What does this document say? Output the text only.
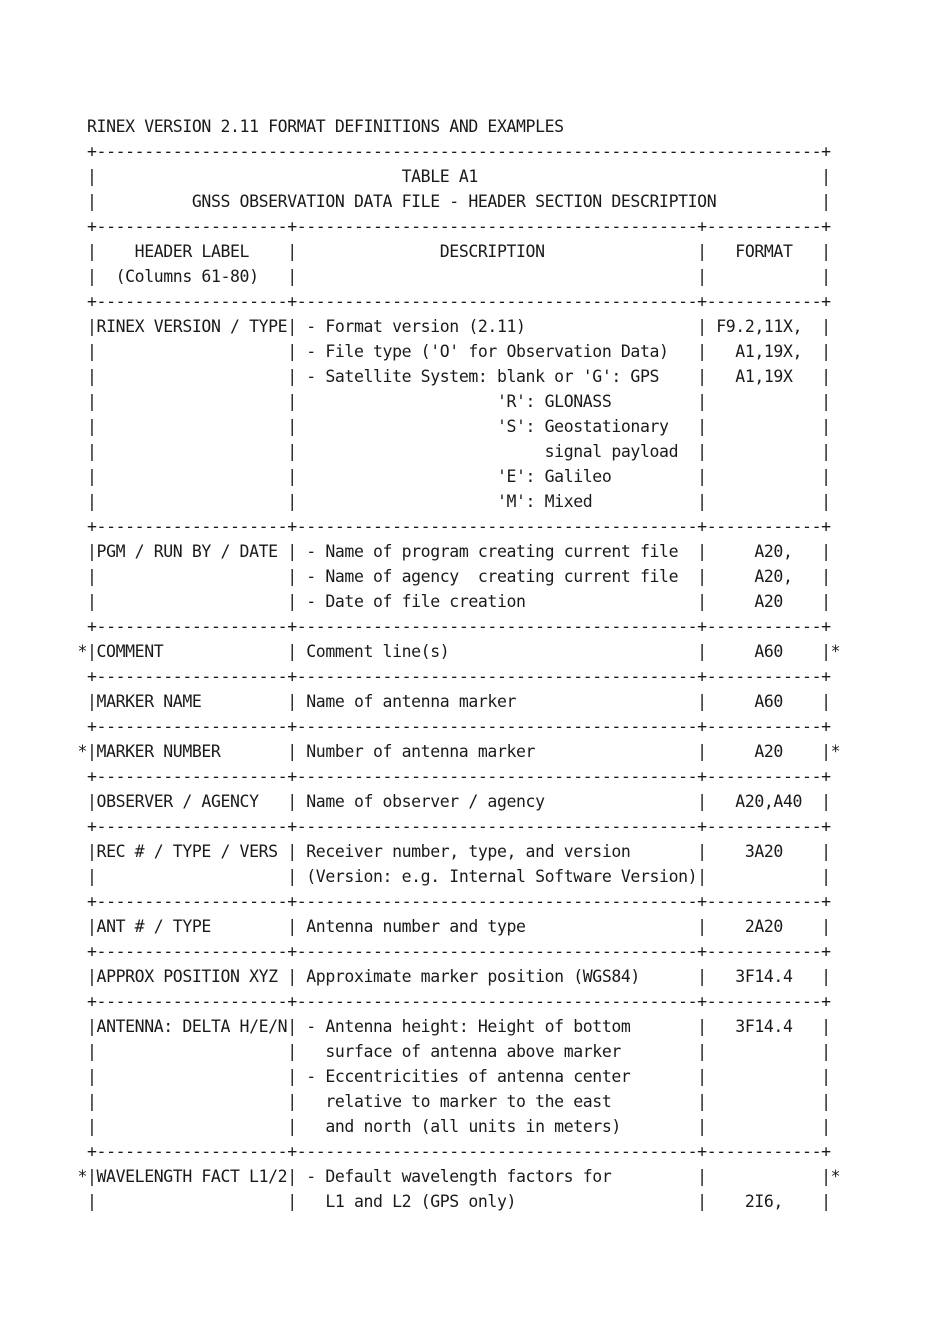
RINEX VERSION 2.11 FORMAT DEFINITIONS AND EXAMPLES
+----------------------------------------------------------------------------+
|                                TABLE A1                                    |
|          GNSS OBSERVATION DATA FILE - HEADER SECTION DESCRIPTION           |
+--------------------+------------------------------------------+------------+
|    HEADER LABEL    |               DESCRIPTION                |   FORMAT   |
|  (Columns 61-80)   |                                          |            |
+--------------------+------------------------------------------+------------+
|RINEX VERSION / TYPE| - Format version (2.11)                  | F9.2,11X,  |
|                    | - File type ('O' for Observation Data)   |   A1,19X,  |
|                    | - Satellite System: blank or 'G': GPS    |   A1,19X   |
|                    |                     'R': GLONASS         |            |
|                    |                     'S': Geostationary   |            |
|                    |                          signal payload  |            |
|                    |                     'E': Galileo         |            |
|                    |                     'M': Mixed           |            |
+--------------------+------------------------------------------+------------+
|PGM / RUN BY / DATE | - Name of program creating current file  |     A20,   |
|                    | - Name of agency  creating current file  |     A20,   |
|                    | - Date of file creation                  |     A20    |
+--------------------+------------------------------------------+------------+
*|COMMENT             | Comment line(s)                          |     A60    |*
+--------------------+------------------------------------------+------------+
|MARKER NAME         | Name of antenna marker                   |     A60    |
+--------------------+------------------------------------------+------------+
*|MARKER NUMBER       | Number of antenna marker                 |     A20    |*
+--------------------+------------------------------------------+------------+
|OBSERVER / AGENCY   | Name of observer / agency                |   A20,A40  |
+--------------------+------------------------------------------+------------+
|REC # / TYPE / VERS | Receiver number, type, and version       |    3A20    |
|                    | (Version: e.g. Internal Software Version)|            |
+--------------------+------------------------------------------+------------+
|ANT # / TYPE        | Antenna number and type                  |    2A20    |
+--------------------+------------------------------------------+------------+
|APPROX POSITION XYZ | Approximate marker position (WGS84)      |   3F14.4   |
+--------------------+------------------------------------------+------------+
|ANTENNA: DELTA H/E/N| - Antenna height: Height of bottom       |   3F14.4   |
|                    |   surface of antenna above marker        |            |
|                    | - Eccentricities of antenna center       |            |
|                    |   relative to marker to the east         |            |
|                    |   and north (all units in meters)        |            |
+--------------------+------------------------------------------+------------+
*|WAVELENGTH FACT L1/2| - Default wavelength factors for         |            |*
|                    |   L1 and L2 (GPS only)                   |    2I6,    |
